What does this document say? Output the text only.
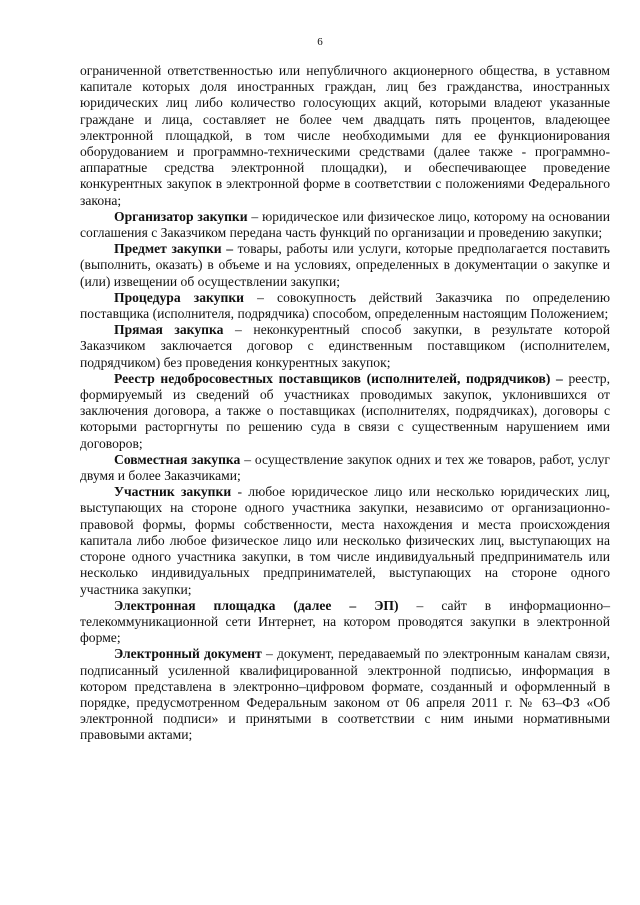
6

ограниченной ответственностью или непубличного акционерного общества, в уставном капитале которых доля иностранных граждан, лиц без гражданства, иностранных юридических лиц либо количество голосующих акций, которыми владеют указанные граждане и лица, составляет не более чем двадцать пять процентов, владеющее электронной площадкой, в том числе необходимыми для ее функционирования оборудованием и программно-техническими средствами (далее также - программно-аппаратные средства электронной площадки), и обеспечивающее проведение конкурентных закупок в электронной форме в соответствии с положениями Федерального закона;

Организатор закупки – юридическое или физическое лицо, которому на основании соглашения с Заказчиком передана часть функций по организации и проведению закупки;

Предмет закупки – товары, работы или услуги, которые предполагается поставить (выполнить, оказать) в объеме и на условиях, определенных в документации о закупке и (или) извещении об осуществлении закупки;

Процедура закупки – совокупность действий Заказчика по определению поставщика (исполнителя, подрядчика) способом, определенным настоящим Положением;

Прямая закупка – неконкурентный способ закупки, в результате которой Заказчиком заключается договор с единственным поставщиком (исполнителем, подрядчиком) без проведения конкурентных закупок;

Реестр недобросовестных поставщиков (исполнителей, подрядчиков) – реестр, формируемый из сведений об участниках проводимых закупок, уклонившихся от заключения договора, а также о поставщиках (исполнителях, подрядчиках), договоры с которыми расторгнуты по решению суда в связи с существенным нарушением ими договоров;

Совместная закупка – осуществление закупок одних и тех же товаров, работ, услуг двумя и более Заказчиками;

Участник закупки - любое юридическое лицо или несколько юридических лиц, выступающих на стороне одного участника закупки, независимо от организационно-правовой формы, формы собственности, места нахождения и места происхождения капитала либо любое физическое лицо или несколько физических лиц, выступающих на стороне одного участника закупки, в том числе индивидуальный предприниматель или несколько индивидуальных предпринимателей, выступающих на стороне одного участника закупки;

Электронная площадка (далее – ЭП) – сайт в информационно–телекоммуникационной сети Интернет, на котором проводятся закупки в электронной форме;

Электронный документ – документ, передаваемый по электронным каналам связи, подписанный усиленной квалифицированной электронной подписью, информация в котором представлена в электронно–цифровом формате, созданный и оформленный в порядке, предусмотренном Федеральным законом от 06 апреля 2011 г. № 63–ФЗ «Об электронной подписи» и принятыми в соответствии с ним иными нормативными правовыми актами;
